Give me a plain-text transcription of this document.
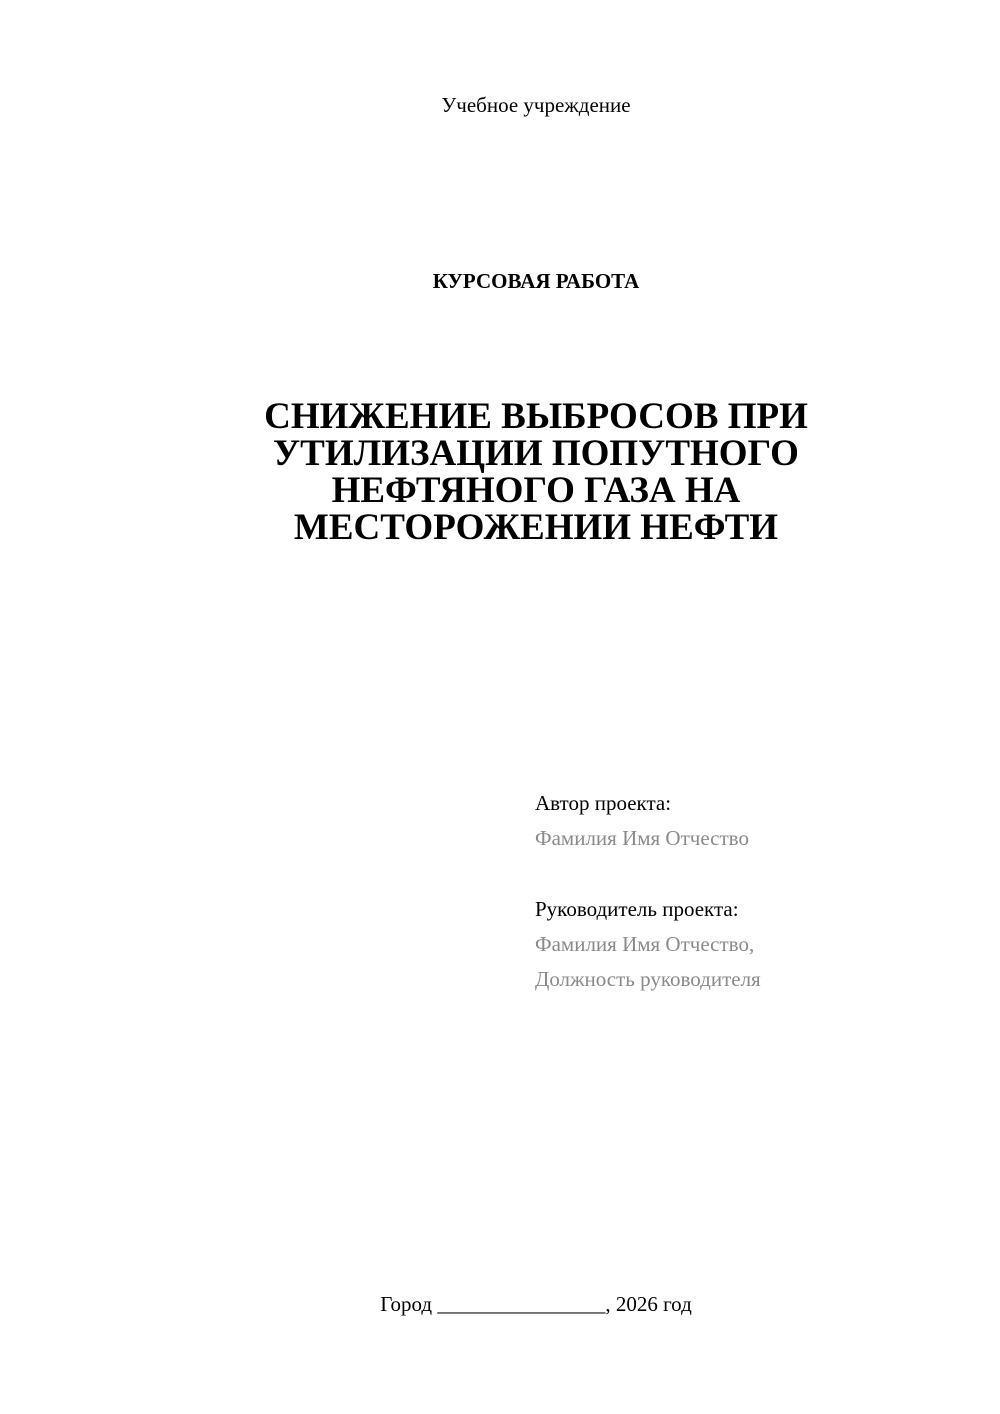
Учебное учреждение
КУРСОВАЯ РАБОТА
СНИЖЕНИЕ ВЫБРОСОВ ПРИ
УТИЛИЗАЦИИ ПОПУТНОГО
НЕФТЯНОГО ГАЗА НА
МЕСТОРОЖЕНИИ НЕФТИ
Автор проекта:
Фамилия Имя Отчество
Руководитель проекта:
Фамилия Имя Отчество,
Должность руководителя
Город ________________, 2026 год
